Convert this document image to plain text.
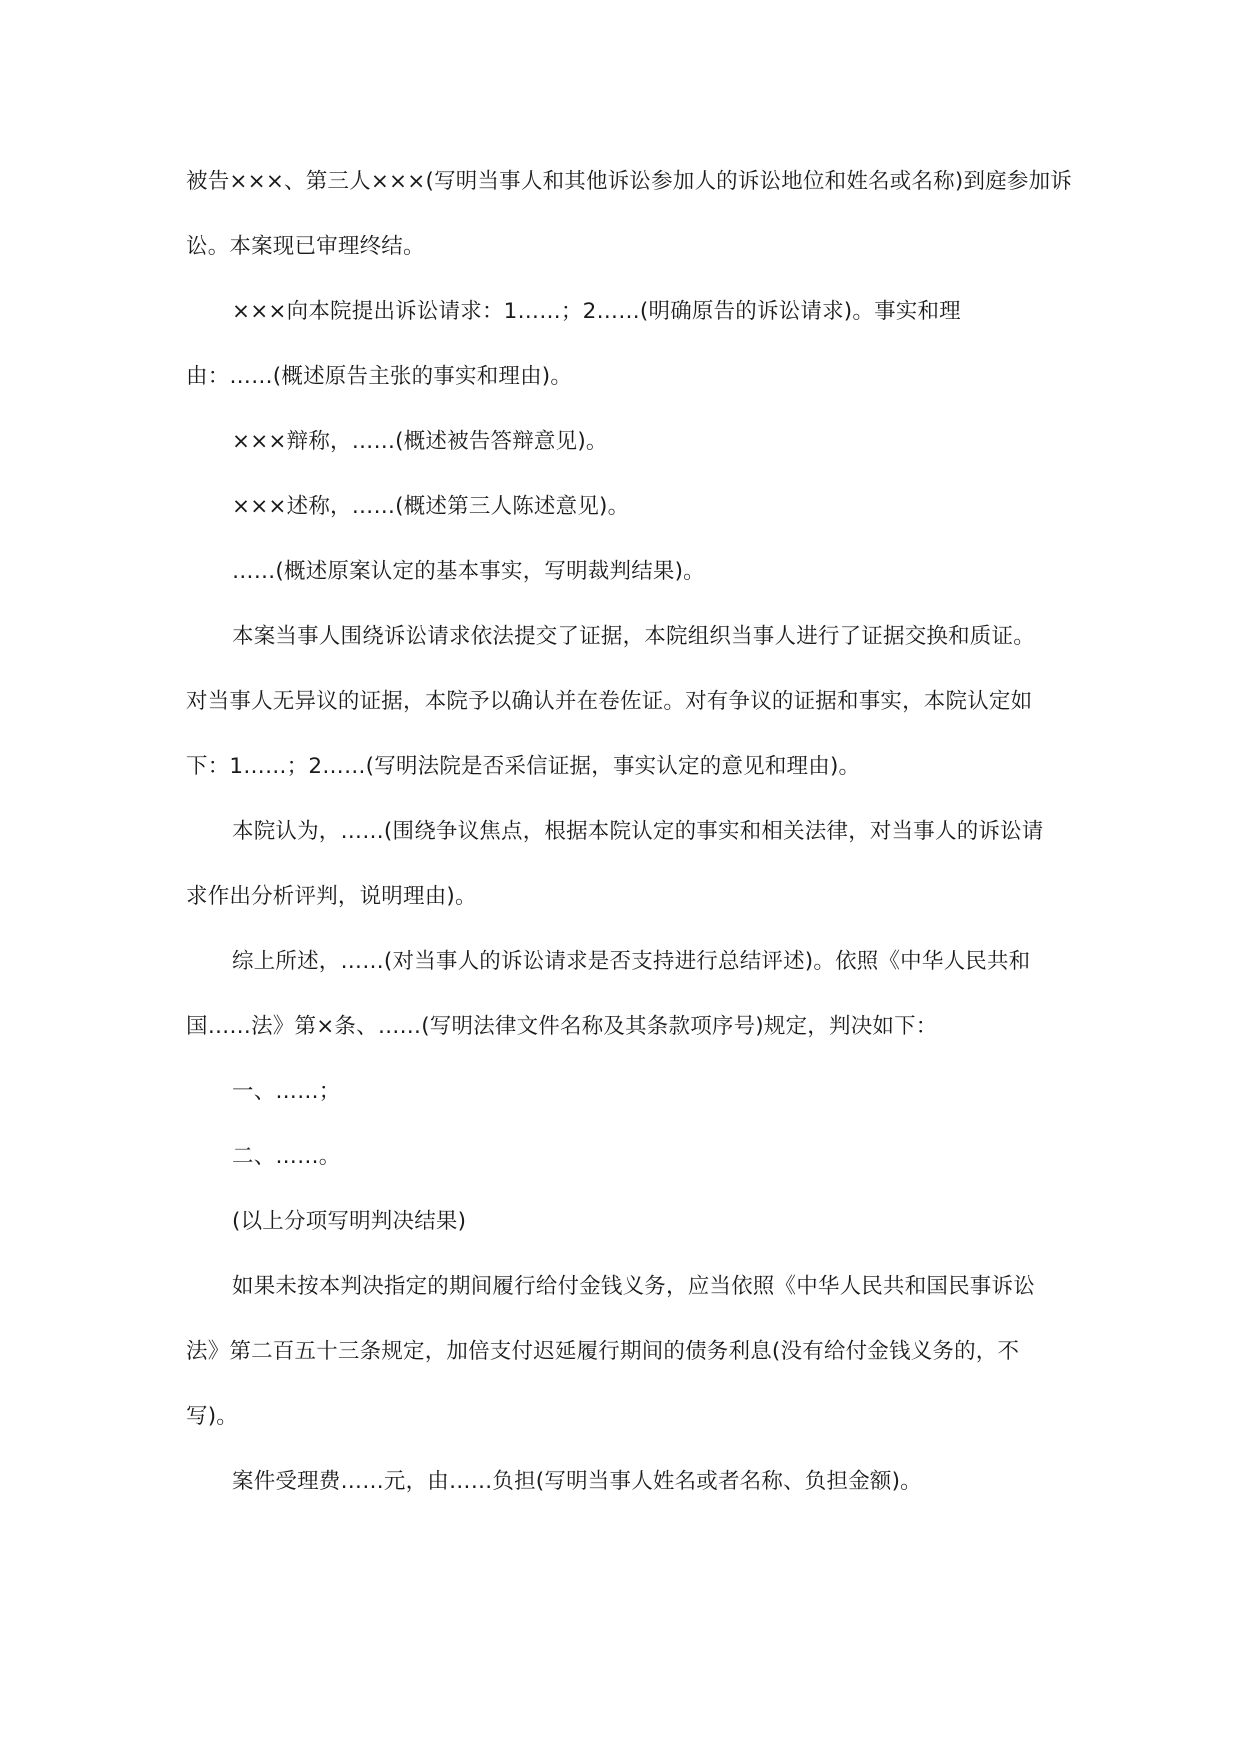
被告×××、第三人×××(写明当事人和其他诉讼参加人的诉讼地位和姓名或名称)到庭参加诉

讼。本案现已审理终结。

×××向本院提出诉讼请求：1……；2……(明确原告的诉讼请求)。事实和理

由：……(概述原告主张的事实和理由)。

×××辩称，……(概述被告答辩意见)。

×××述称，……(概述第三人陈述意见)。

……(概述原案认定的基本事实，写明裁判结果)。

本案当事人围绕诉讼请求依法提交了证据，本院组织当事人进行了证据交换和质证。

对当事人无异议的证据，本院予以确认并在卷佐证。对有争议的证据和事实，本院认定如

下：1……；2……(写明法院是否采信证据，事实认定的意见和理由)。

本院认为，……(围绕争议焦点，根据本院认定的事实和相关法律，对当事人的诉讼请

求作出分析评判，说明理由)。

综上所述，……(对当事人的诉讼请求是否支持进行总结评述)。依照《中华人民共和

国……法》第×条、……(写明法律文件名称及其条款项序号)规定，判决如下：

一、……；

二、……。

(以上分项写明判决结果)

如果未按本判决指定的期间履行给付金钱义务，应当依照《中华人民共和国民事诉讼

法》第二百五十三条规定，加倍支付迟延履行期间的债务利息(没有给付金钱义务的，不

写)。

案件受理费……元，由……负担(写明当事人姓名或者名称、负担金额)。
